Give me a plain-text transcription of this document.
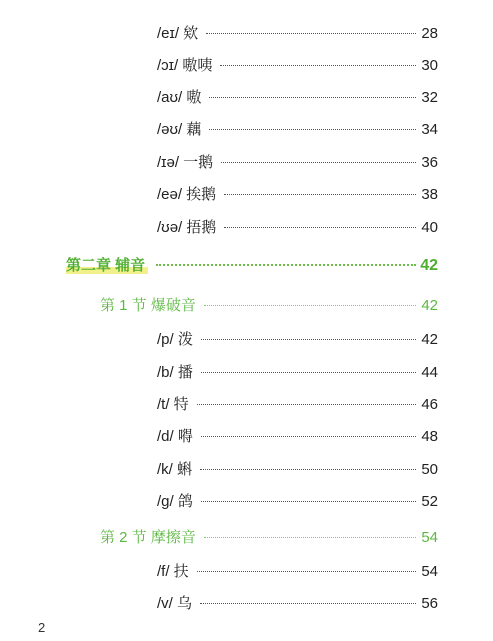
/eɪ/ 欸	28
/ɔɪ/ 嗷咦	30
/aʊ/ 嗷	32
/əʊ/ 藕	34
/ɪə/ 一鹅	36
/eə/ 挨鹅	38
/ʊə/ 捂鹅	40
第二章 辅音	42
第 1 节 爆破音	42
/p/ 泼	42
/b/ 播	44
/t/ 特	46
/d/ 嘚	48
/k/ 蝌	50
/g/ 鸽	52
第 2 节 摩擦音	54
/f/ 扶	54
/v/ 乌	56
2
